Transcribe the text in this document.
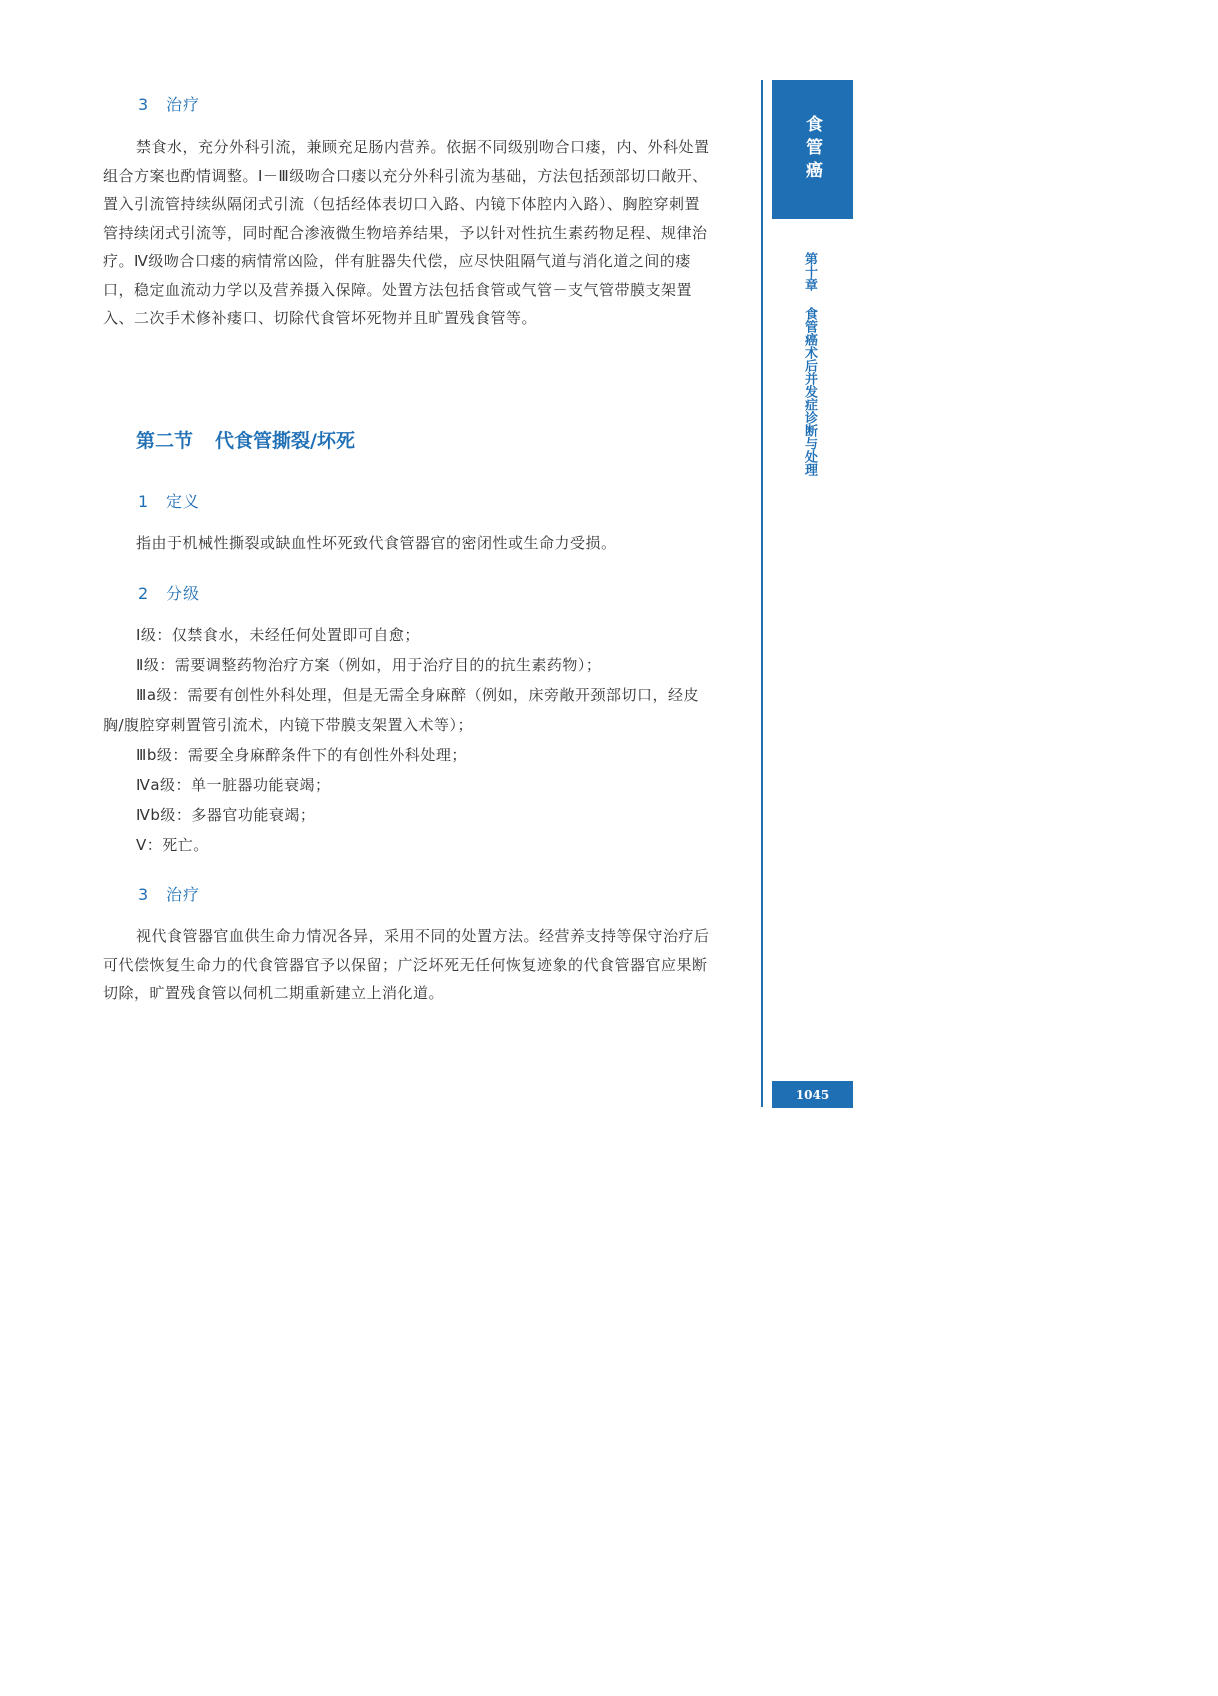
3 治疗

禁食水，充分外科引流，兼顾充足肠内营养。依据不同级别吻合口瘘，内、外科处置组合方案也酌情调整。Ⅰ－Ⅲ级吻合口瘘以充分外科引流为基础，方法包括颈部切口敞开、置入引流管持续纵隔闭式引流（包括经体表切口入路、内镜下体腔内入路）、胸腔穿刺置管持续闭式引流等，同时配合渗液微生物培养结果，予以针对性抗生素药物足程、规律治疗。Ⅳ级吻合口瘘的病情常凶险，伴有脏器失代偿，应尽快阻隔气道与消化道之间的瘘口，稳定血流动力学以及营养摄入保障。处置方法包括食管或气管－支气管带膜支架置入、二次手术修补瘘口、切除代食管坏死物并且旷置残食管等。

第二节 代食管撕裂/坏死
1 定义

指由于机械性撕裂或缺血性坏死致代食管器官的密闭性或生命力受损。

2 分级
Ⅰ级：仅禁食水，未经任何处置即可自愈；
Ⅱ级：需要调整药物治疗方案（例如，用于治疗目的的抗生素药物）；
Ⅲa级：需要有创性外科处理，但是无需全身麻醉（例如，床旁敞开颈部切口，经皮胸/腹腔穿刺置管引流术，内镜下带膜支架置入术等）；
Ⅲb级：需要全身麻醉条件下的有创性外科处理；
Ⅳa级：单一脏器功能衰竭；
Ⅳb级：多器官功能衰竭；
Ⅴ：死亡。
3 治疗

视代食管器官血供生命力情况各异，采用不同的处置方法。经营养支持等保守治疗后可代偿恢复生命力的代食管器官予以保留；广泛坏死无任何恢复迹象的代食管器官应果断切除，旷置残食管以伺机二期重新建立上消化道。

食管癌
第十章食管癌术后并发症诊断与处理
1045
